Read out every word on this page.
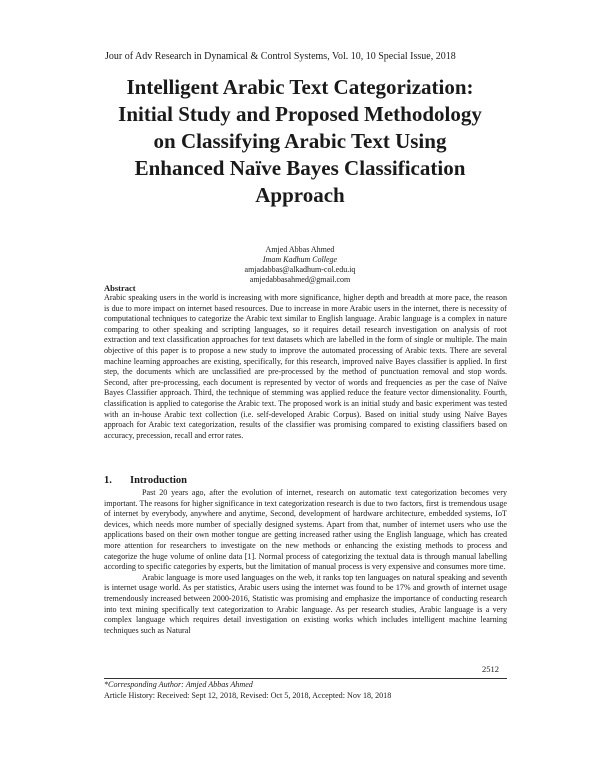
Jour of Adv Research in Dynamical & Control Systems, Vol. 10, 10 Special Issue, 2018
Intelligent Arabic Text Categorization:
Initial Study and Proposed Methodology
on Classifying Arabic Text Using
Enhanced Naïve Bayes Classification
Approach
Amjed Abbas Ahmed
Imam Kadhum College
amjadabbas@alkadhum-col.edu.iq
amjedabbasahmed@gmail.com
Abstract
Arabic speaking users in the world is increasing with more significance, higher depth and breadth at more pace, the reason is due to more impact on internet based resources. Due to increase in more Arabic users in the internet, there is necessity of computational techniques to categorize the Arabic text similar to English language. Arabic language is a complex in nature comparing to other speaking and scripting languages, so it requires detail research investigation on analysis of root extraction and text classification approaches for text datasets which are labelled in the form of single or multiple. The main objective of this paper is to propose a new study to improve the automated processing of Arabic texts. There are several machine learning approaches are existing, specifically, for this research, improved naïve Bayes classifier is applied. In first step, the documents which are unclassified are pre-processed by the method of punctuation removal and stop words. Second, after pre-processing, each document is represented by vector of words and frequencies as per the case of Naïve Bayes Classifier approach. Third, the technique of stemming was applied reduce the feature vector dimensionality. Fourth, classification is applied to categorise the Arabic text. The proposed work is an initial study and basic experiment was tested with an in-house Arabic text collection (i.e. self-developed Arabic Corpus). Based on initial study using Naïve Bayes approach for Arabic text categorization, results of the classifier was promising compared to existing classifiers based on accuracy, precession, recall and error rates.
1. Introduction

Past 20 years ago, after the evolution of internet, research on automatic text categorization becomes very important. The reasons for higher significance in text categorization research is due to two factors, first is tremendous usage of internet by everybody, anywhere and anytime, Second, development of hardware architecture, embedded systems, IoT devices, which needs more number of specially designed systems. Apart from that, number of internet users who use the applications based on their own mother tongue are getting increased rather using the English language, which has created more attention for researchers to investigate on the new methods or enhancing the existing methods to process and categorize the huge volume of online data [1]. Normal process of categorizing the textual data is through manual labelling according to specific categories by experts, but the limitation of manual process is very expensive and consumes more time.

Arabic language is more used languages on the web, it ranks top ten languages on natural speaking and seventh is internet usage world. As per statistics, Arabic users using the internet was found to be 17% and growth of internet usage tremendously increased between 2000-2016, Statistic was promising and emphasize the importance of conducting research into text mining specifically text categorization to Arabic language. As per research studies, Arabic language is a very complex language which requires detail investigation on existing works which includes intelligent machine learning techniques such as Natural

2512
*Corresponding Author: Amjed Abbas Ahmed
Article History: Received: Sept 12, 2018, Revised: Oct 5, 2018, Accepted: Nov 18, 2018
